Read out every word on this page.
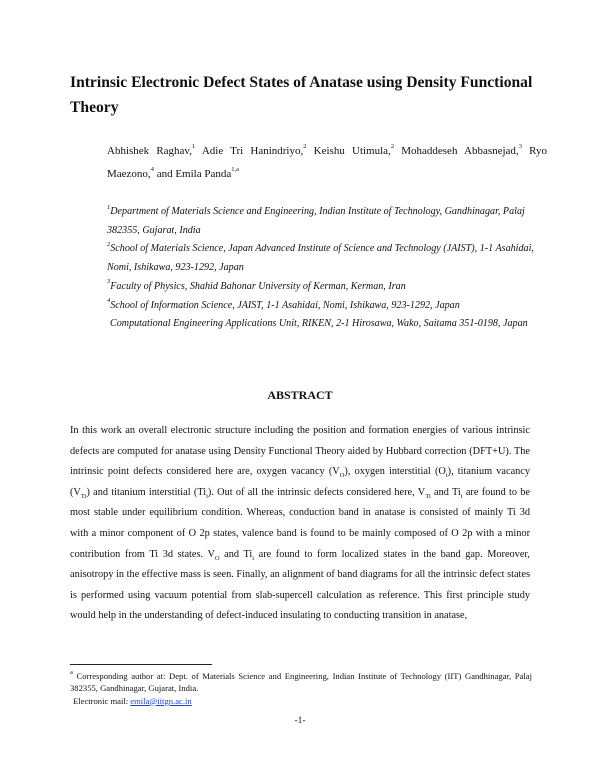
Intrinsic Electronic Defect States of Anatase using Density Functional Theory
Abhishek Raghav,$^1$ Adie Tri Hanindriyo,$^2$ Keishu Utimula,$^2$ Mohaddeseh Abbasnejad,$^3$ Ryo Maezono,$^4$ and Emila Panda$^{1,a}$

$^1$Department of Materials Science and Engineering, Indian Institute of Technology, Gandhinagar, Palaj 382355, Gujarat, India

$^2$School of Materials Science, Japan Advanced Institute of Science and Technology (JAIST), 1-1 Asahidai, Nomi, Ishikawa, 923-1292, Japan

$^3$Faculty of Physics, Shahid Bahonar University of Kerman, Kerman, Iran

$^4$School of Information Science, JAIST, 1-1 Asahidai, Nomi, Ishikawa, 923-1292, Japan

Computational Engineering Applications Unit, RIKEN, 2-1 Hirosawa, Wako, Saitama 351-0198, Japan

ABSTRACT
In this work an overall electronic structure including the position and formation energies of various intrinsic defects are computed for anatase using Density Functional Theory aided by Hubbard correction (DFT+U). The intrinsic point defects considered here are, oxygen vacancy $(V_O)$, oxygen interstitial $(O_i)$, titanium vacancy $(V_{Ti})$ and titanium interstitial $(Ti_i)$. Out of all the intrinsic defects considered here, $V_{Ti}$ and $Ti_i$ are found to be most stable under equilibrium condition. Whereas, conduction band in anatase is consisted of mainly Ti 3d with a minor component of O 2p states, valence band is found to be mainly composed of O 2p with a minor contribution from Ti 3d states. $V_O$ and $Ti_i$ are found to form localized states in the band gap. Moreover, anisotropy in the effective mass is seen. Finally, an alignment of band diagrams for all the intrinsic defect states is performed using vacuum potential from slab-supercell calculation as reference. This first principle study would help in the understanding of defect-induced insulating to conducting transition in anatase,
$^a$ Corresponding author at: Dept. of Materials Science and Engineering, Indian Institute of Technology (IIT) Gandhinagar, Palaj 382355, Gandhinagar, Gujarat, India.
Electronic mail: emila@iitgn.ac.in
-1-
